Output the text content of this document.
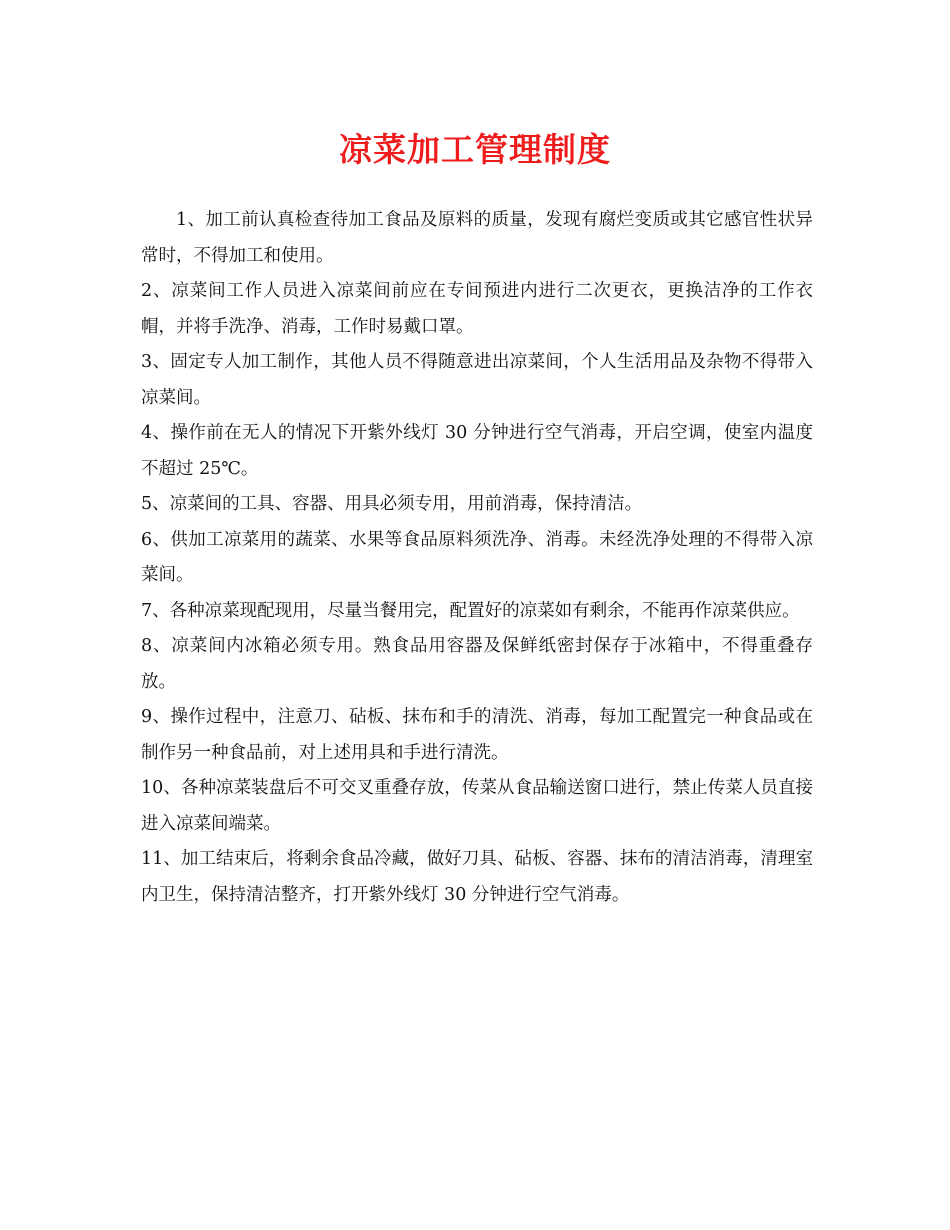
凉菜加工管理制度

1、加工前认真检查待加工食品及原料的质量，发现有腐烂变质或其它感官性状异常时，不得加工和使用。

2、凉菜间工作人员进入凉菜间前应在专间预进内进行二次更衣，更换洁净的工作衣帽，并将手洗净、消毒，工作时易戴口罩。

3、固定专人加工制作，其他人员不得随意进出凉菜间，个人生活用品及杂物不得带入凉菜间。

4、操作前在无人的情况下开紫外线灯 30 分钟进行空气消毒，开启空调，使室内温度不超过 25℃。

5、凉菜间的工具、容器、用具必须专用，用前消毒，保持清洁。

6、供加工凉菜用的蔬菜、水果等食品原料须洗净、消毒。未经洗净处理的不得带入凉菜间。

7、各种凉菜现配现用，尽量当餐用完，配置好的凉菜如有剩余，不能再作凉菜供应。

8、凉菜间内冰箱必须专用。熟食品用容器及保鲜纸密封保存于冰箱中，不得重叠存放。

9、操作过程中，注意刀、砧板、抹布和手的清洗、消毒，每加工配置完一种食品或在制作另一种食品前，对上述用具和手进行清洗。

10、各种凉菜装盘后不可交叉重叠存放，传菜从食品输送窗口进行，禁止传菜人员直接进入凉菜间端菜。

11、加工结束后，将剩余食品冷藏，做好刀具、砧板、容器、抹布的清洁消毒，清理室内卫生，保持清洁整齐，打开紫外线灯 30 分钟进行空气消毒。
